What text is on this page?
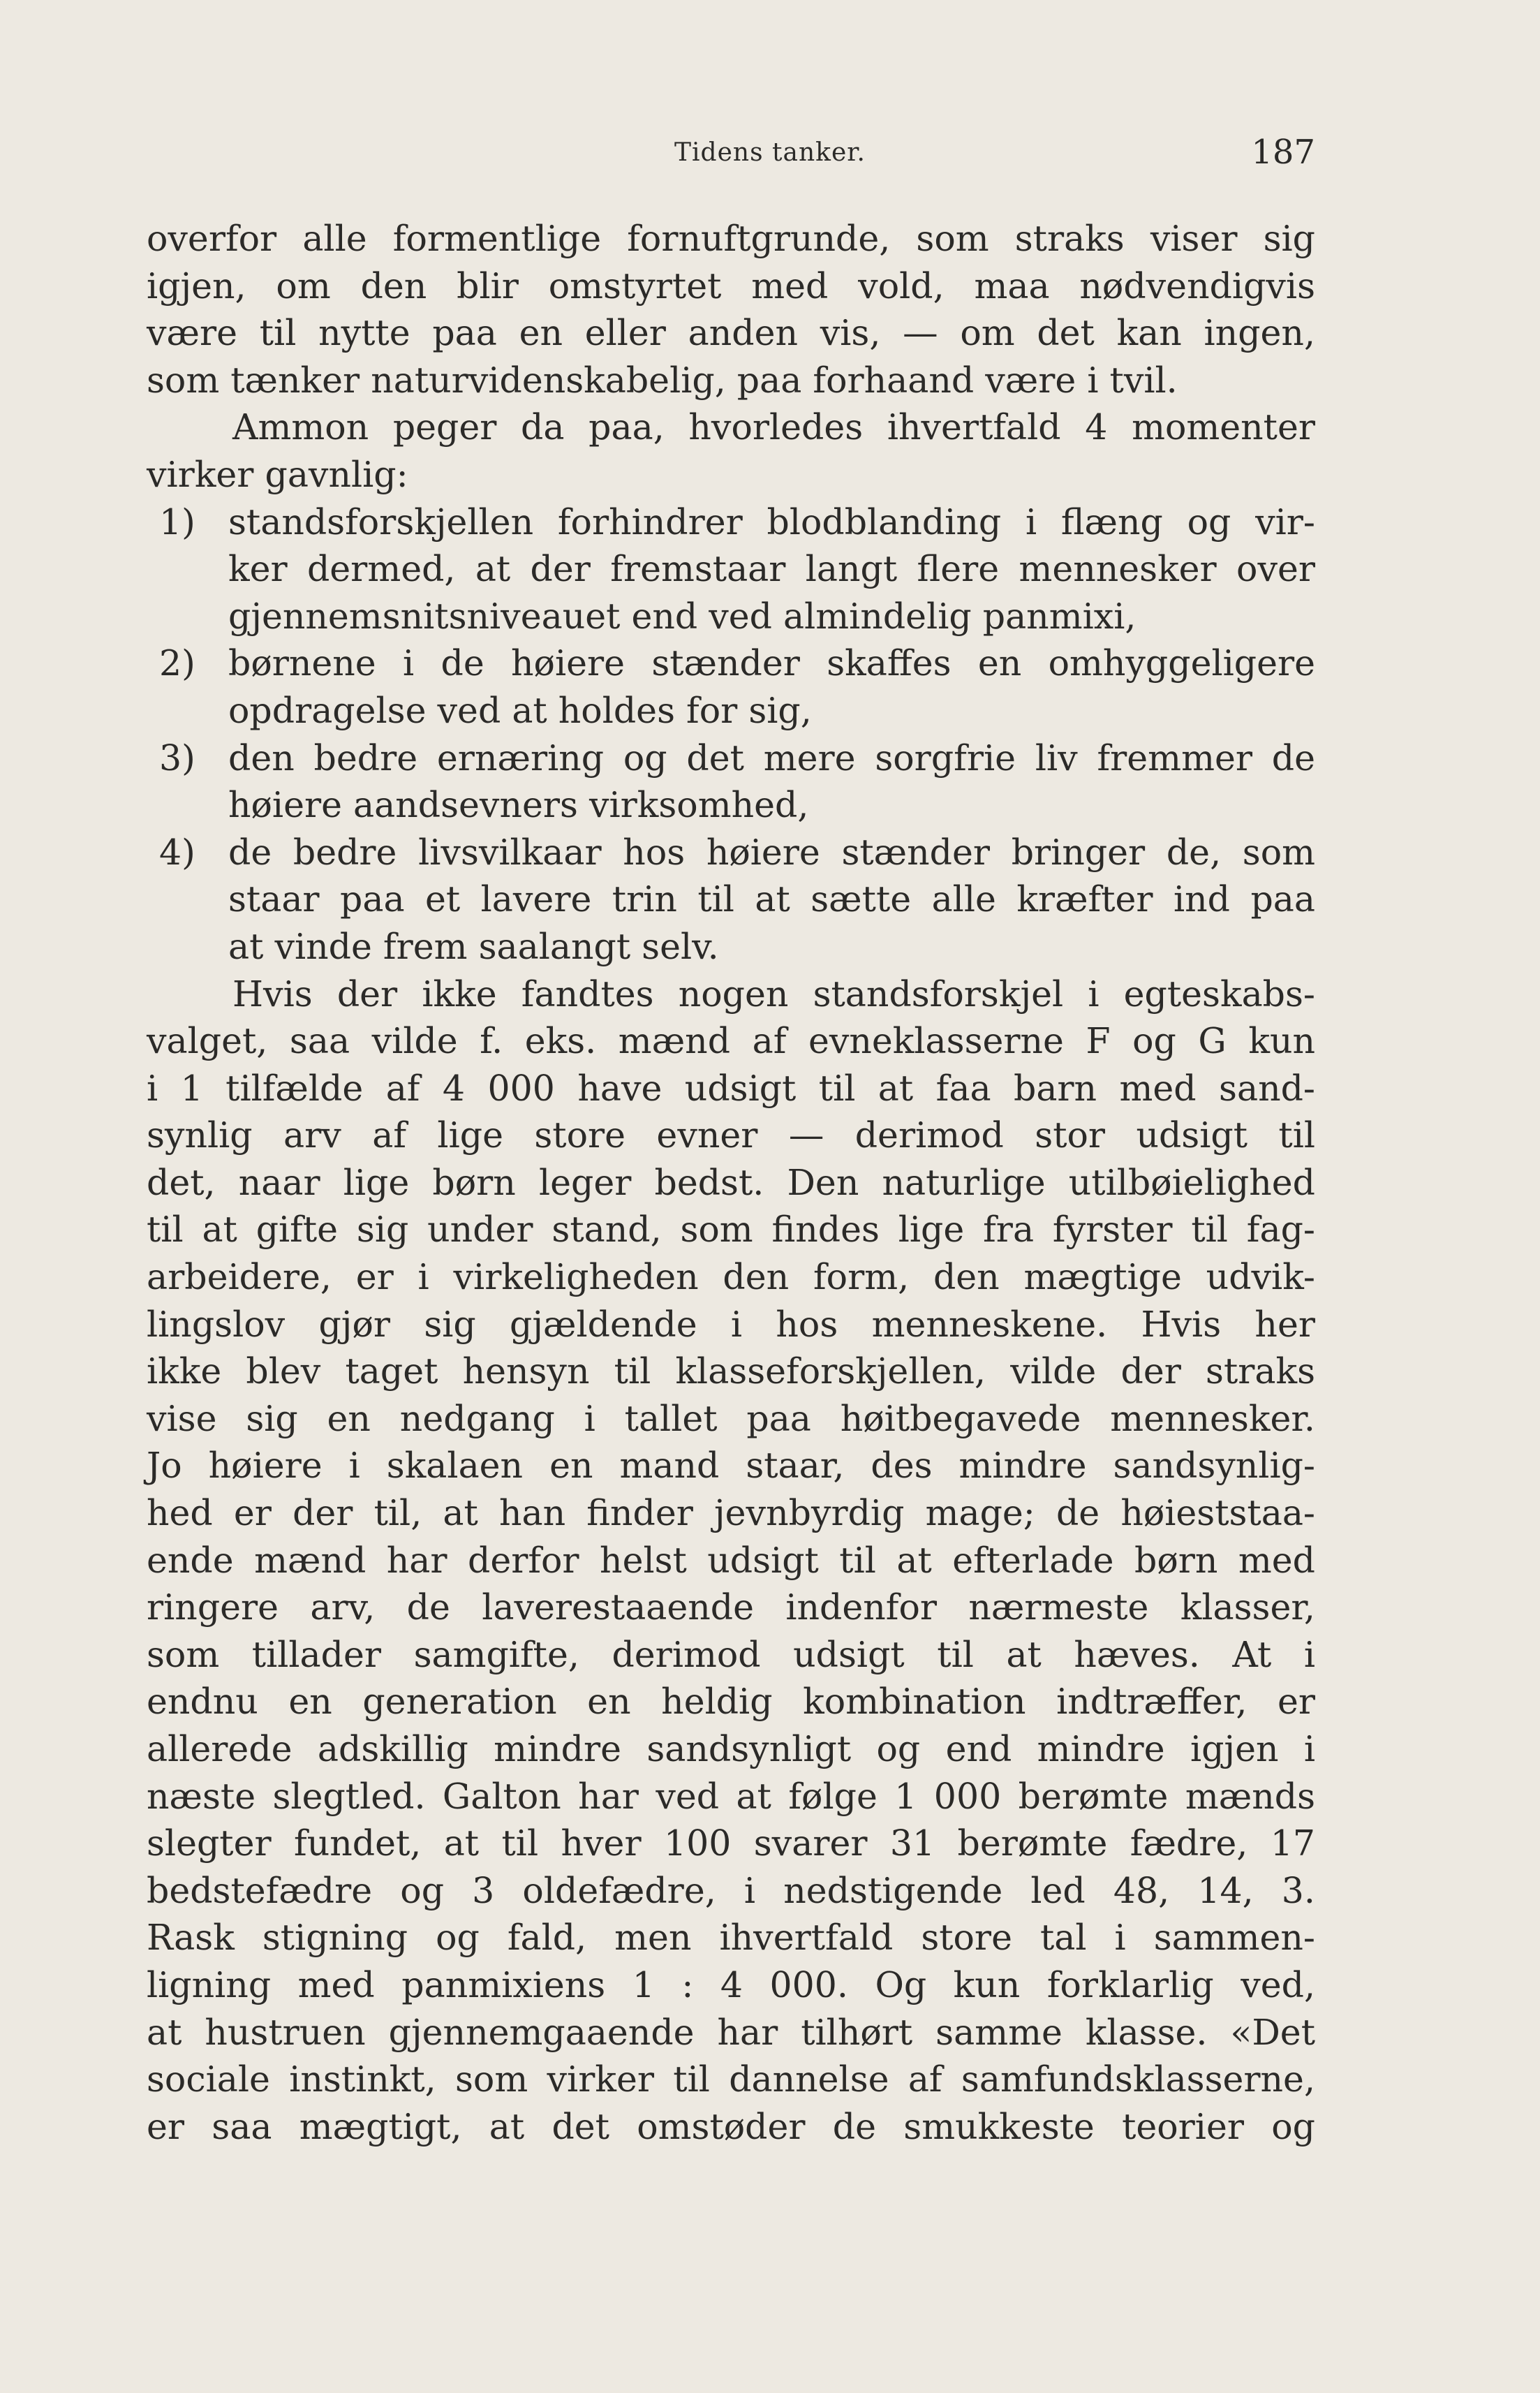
Tidens tanker.	187
overfor alle formentlige fornuftgrunde, som straks viser sig
igjen, om den blir omstyrtet med vold, maa nødvendigvis
være til nytte paa en eller anden vis, — om det kan ingen,
som tænker naturvidenskabelig, paa forhaand være i tvil.
Ammon peger da paa, hvorledes ihvertfald 4 momenter
virker gavnlig:
1) standsforskjellen forhindrer blodblanding i flæng og vir-
ker dermed, at der fremstaar langt flere mennesker over
gjennemsnitsniveauet end ved almindelig panmixi,
2) børnene i de høiere stænder skaffes en omhyggeligere
opdragelse ved at holdes for sig,
3) den bedre ernæring og det mere sorgfrie liv fremmer de
høiere aandsevners virksomhed,
4) de bedre livsvilkaar hos høiere stænder bringer de, som
staar paa et lavere trin til at sætte alle kræfter ind paa
at vinde frem saalangt selv.
Hvis der ikke fandtes nogen standsforskjel i egteskabs-
valget, saa vilde f. eks. mænd af evneklasserne F og G kun
i 1 tilfælde af 4 000 have udsigt til at faa barn med sand-
synlig arv af lige store evner — derimod stor udsigt til
det, naar lige børn leger bedst. Den naturlige utilbøielighed
til at gifte sig under stand, som findes lige fra fyrster til fag-
arbeidere, er i virkeligheden den form, den mægtige udvik-
lingslov gjør sig gjældende i hos menneskene. Hvis her
ikke blev taget hensyn til klasseforskjellen, vilde der straks
vise sig en nedgang i tallet paa høitbegavede mennesker.
Jo høiere i skalaen en mand staar, des mindre sandsynlig-
hed er der til, at han finder jevnbyrdig mage; de høieststaa-
ende mænd har derfor helst udsigt til at efterlade børn med
ringere arv, de laverestaaende indenfor nærmeste klasser,
som tillader samgifte, derimod udsigt til at hæves. At i
endnu en generation en heldig kombination indtræffer, er
allerede adskillig mindre sandsynligt og end mindre igjen i
næste slegtled. Galton har ved at følge 1 000 berømte mænds
slegter fundet, at til hver 100 svarer 31 berømte fædre, 17
bedstefædre og 3 oldefædre, i nedstigende led 48, 14, 3.
Rask stigning og fald, men ihvertfald store tal i sammen-
ligning med panmixiens 1 : 4 000. Og kun forklarlig ved,
at hustruen gjennemgaaende har tilhørt samme klasse. «Det
sociale instinkt, som virker til dannelse af samfundsklasserne,
er saa mægtigt, at det omstøder de smukkeste teorier og
